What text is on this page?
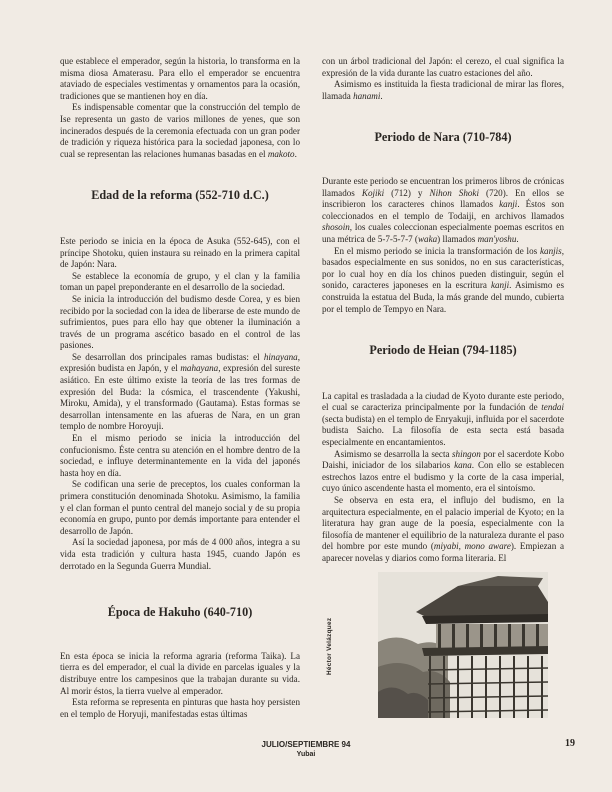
que establece el emperador, según la historia, lo transforma en la misma diosa Amaterasu. Para ello el emperador se encuentra ataviado de especiales vestimentas y ornamentos para la ocasión, tradiciones que se mantienen hoy en día.

Es indispensable comentar que la construcción del templo de Ise representa un gasto de varios millones de yenes, que son incinerados después de la ceremonia efectuada con un gran poder de tradición y riqueza histórica para la sociedad japonesa, con lo cual se representan las relaciones humanas basadas en el makoto.

Edad de la reforma (552-710 d.C.)

Este periodo se inicia en la época de Asuka (552-645), con el príncipe Shotoku, quien instaura su reinado en la primera capital de Japón: Nara.

Se establece la economía de grupo, y el clan y la familia toman un papel preponderante en el desarrollo de la sociedad.

Se inicia la introducción del budismo desde Corea, y es bien recibido por la sociedad con la idea de liberarse de este mundo de sufrimientos, pues para ello hay que obtener la iluminación a través de un programa ascético basado en el control de las pasiones.

Se desarrollan dos principales ramas budistas: el hinayana, expresión budista en Japón, y el mahayana, expresión del sureste asiático. En este último existe la teoría de las tres formas de expresión del Buda: la cósmica, el trascendente (Yakushi, Miroku, Amida), y el transformado (Gautama). Estas formas se desarrollan intensamente en las afueras de Nara, en un gran templo de nombre Horoyuji.

En el mismo periodo se inicia la introducción del confucionismo. Éste centra su atención en el hombre dentro de la sociedad, e influye determinantemente en la vida del japonés hasta hoy en día.

Se codifican una serie de preceptos, los cuales conforman la primera constitución denominada Shotoku. Asimismo, la familia y el clan forman el punto central del manejo social y de su propia economía en grupo, punto por demás importante para entender el desarrollo de Japón.

Así la sociedad japonesa, por más de 4 000 años, integra a su vida esta tradición y cultura hasta 1945, cuando Japón es derrotado en la Segunda Guerra Mundial.

Época de Hakuho (640-710)

En esta época se inicia la reforma agraria (reforma Taika). La tierra es del emperador, el cual la divide en parcelas iguales y la distribuye entre los campesinos que la trabajan durante su vida. Al morir éstos, la tierra vuelve al emperador.

Esta reforma se representa en pinturas que hasta hoy persisten en el templo de Horyuji, manifestadas estas últimas

con un árbol tradicional del Japón: el cerezo, el cual significa la expresión de la vida durante las cuatro estaciones del año.

Asimismo es instituida la fiesta tradicional de mirar las flores, llamada hanami.

Periodo de Nara (710-784)

Durante este periodo se encuentran los primeros libros de crónicas llamados Kojiki (712) y Nihon Shoki (720). En ellos se inscribieron los caracteres chinos llamados kanji. Éstos son coleccionados en el templo de Todaiji, en archivos llamados shosoin, los cuales coleccionan especialmente poemas escritos en una métrica de 5-7-5-7-7 (waka) llamados man'yoshu.

En el mismo periodo se inicia la transformación de los kanjis, basados especialmente en sus sonidos, no en sus características, por lo cual hoy en día los chinos pueden distinguir, según el sonido, caracteres japoneses en la escritura kanji. Asimismo es construida la estatua del Buda, la más grande del mundo, cubierta por el templo de Tempyo en Nara.

Periodo de Heian (794-1185)

La capital es trasladada a la ciudad de Kyoto durante este periodo, el cual se caracteriza principalmente por la fundación de tendai (secta budista) en el templo de Enryakuji, influida por el sacerdote budista Saicho. La filosofía de esta secta está basada especialmente en encantamientos.

Asimismo se desarrolla la secta shingon por el sacerdote Kobo Daishi, iniciador de los silabarios kana. Con ello se establecen estrechos lazos entre el budismo y la corte de la casa imperial, cuyo único ascendente hasta el momento, era el sintoísmo.

Se observa en esta era, el influjo del budismo, en la arquitectura especialmente, en el palacio imperial de Kyoto; en la literatura hay gran auge de la poesía, especialmente con la filosofía de mantener el equilibrio de la naturaleza durante el paso del hombre por este mundo (miyabi, mono aware). Empiezan a aparecer novelas y diarios como forma literaria. El

Héctor Velázquez
JULIO/SEPTIEMBRE 94
Yubai
19
